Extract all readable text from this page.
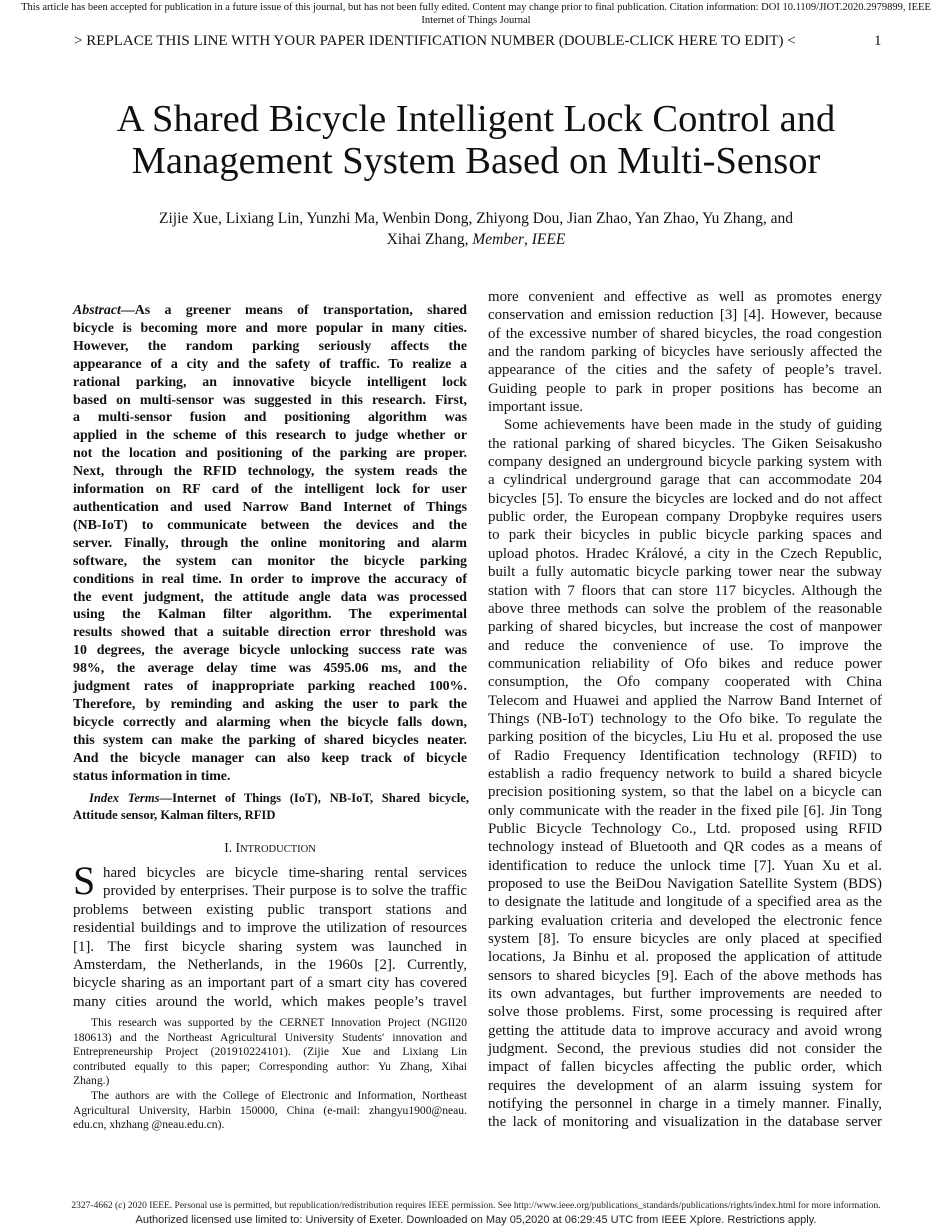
This article has been accepted for publication in a future issue of this journal, but has not been fully edited. Content may change prior to final publication. Citation information: DOI 10.1109/JIOT.2020.2979899, IEEE Internet of Things Journal
> REPLACE THIS LINE WITH YOUR PAPER IDENTIFICATION NUMBER (DOUBLE-CLICK HERE TO EDIT) <	1
A Shared Bicycle Intelligent Lock Control and
Management System Based on Multi-Sensor
Zijie Xue, Lixiang Lin, Yunzhi Ma, Wenbin Dong, Zhiyong Dou, Jian Zhao, Yan Zhao, Yu Zhang, and
Xihai Zhang, Member, IEEE
Abstract—As a greener means of transportation, shared
bicycle is becoming more and more popular in many cities.
However, the random parking seriously affects the
appearance of a city and the safety of traffic. To realize a
rational parking, an innovative bicycle intelligent lock
based on multi-sensor was suggested in this research. First,
a multi-sensor fusion and positioning algorithm was
applied in the scheme of this research to judge whether or
not the location and positioning of the parking are proper.
Next, through the RFID technology, the system reads the
information on RF card of the intelligent lock for user
authentication and used Narrow Band Internet of Things
(NB-IoT) to communicate between the devices and the
server. Finally, through the online monitoring and alarm
software, the system can monitor the bicycle parking
conditions in real time. In order to improve the accuracy of
the event judgment, the attitude angle data was processed
using the Kalman filter algorithm. The experimental
results showed that a suitable direction error threshold was
10 degrees, the average bicycle unlocking success rate was
98%, the average delay time was 4595.06 ms, and the
judgment rates of inappropriate parking reached 100%.
Therefore, by reminding and asking the user to park the
bicycle correctly and alarming when the bicycle falls down,
this system can make the parking of shared bicycles neater.
And the bicycle manager can also keep track of bicycle
status information in time.
Index Terms—Internet of Things (IoT), NB-IoT, Shared bicycle,
Attitude sensor, Kalman filters, RFID
I. INTRODUCTION
S hared bicycles are bicycle time-sharing rental services
provided by enterprises. Their purpose is to solve the traffic
problems between existing public transport stations and
residential buildings and to improve the utilization of resources
[1]. The first bicycle sharing system was launched in
Amsterdam, the Netherlands, in the 1960s [2]. Currently,
bicycle sharing as an important part of a smart city has covered
many cities around the world, which makes people’s travel
This research was supported by the CERNET Innovation Project (NGII20
180613) and the Northeast Agricultural University Students' innovation and
Entrepreneurship Project (201910224101). (Zijie Xue and Lixiang Lin
contributed equally to this paper; Corresponding author: Yu Zhang, Xihai
Zhang.)
The authors are with the College of Electronic and Information, Northeast
Agricultural University, Harbin 150000, China (e-mail: zhangyu1900@neau.
edu.cn, xhzhang @neau.edu.cn).
more convenient and effective as well as promotes energy
conservation and emission reduction [3] [4]. However, because
of the excessive number of shared bicycles, the road congestion
and the random parking of bicycles have seriously affected the
appearance of the cities and the safety of people’s travel.
Guiding people to park in proper positions has become an
important issue.
Some achievements have been made in the study of guiding
the rational parking of shared bicycles. The Giken Seisakusho
company designed an underground bicycle parking system with
a cylindrical underground garage that can accommodate 204
bicycles [5]. To ensure the bicycles are locked and do not affect
public order, the European company Dropbyke requires users
to park their bicycles in public bicycle parking spaces and
upload photos. Hradec Králové, a city in the Czech Republic,
built a fully automatic bicycle parking tower near the subway
station with 7 floors that can store 117 bicycles. Although the
above three methods can solve the problem of the reasonable
parking of shared bicycles, but increase the cost of manpower
and reduce the convenience of use. To improve the
communication reliability of Ofo bikes and reduce power
consumption, the Ofo company cooperated with China
Telecom and Huawei and applied the Narrow Band Internet of
Things (NB-IoT) technology to the Ofo bike. To regulate the
parking position of the bicycles, Liu Hu et al. proposed the use
of Radio Frequency Identification technology (RFID) to
establish a radio frequency network to build a shared bicycle
precision positioning system, so that the label on a bicycle can
only communicate with the reader in the fixed pile [6]. Jin Tong
Public Bicycle Technology Co., Ltd. proposed using RFID
technology instead of Bluetooth and QR codes as a means of
identification to reduce the unlock time [7]. Yuan Xu et al.
proposed to use the BeiDou Navigation Satellite System (BDS)
to designate the latitude and longitude of a specified area as the
parking evaluation criteria and developed the electronic fence
system [8]. To ensure bicycles are only placed at specified
locations, Ja Binhu et al. proposed the application of attitude
sensors to shared bicycles [9]. Each of the above methods has
its own advantages, but further improvements are needed to
solve those problems. First, some processing is required after
getting the attitude data to improve accuracy and avoid wrong
judgment. Second, the previous studies did not consider the
impact of fallen bicycles affecting the public order, which
requires the development of an alarm issuing system for
notifying the personnel in charge in a timely manner. Finally,
the lack of monitoring and visualization in the database server
2327-4662 (c) 2020 IEEE. Personal use is permitted, but republication/redistribution requires IEEE permission. See http://www.ieee.org/publications_standards/publications/rights/index.html for more information.
Authorized licensed use limited to: University of Exeter. Downloaded on May 05,2020 at 06:29:45 UTC from IEEE Xplore. Restrictions apply.
